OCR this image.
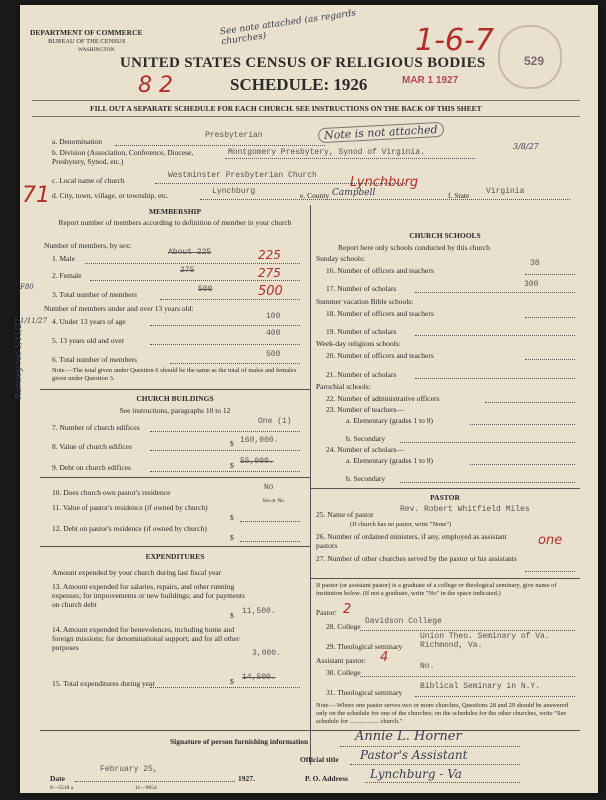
DEPARTMENT OF COMMERCE
BUREAU OF THE CENSUS
WASHINGTON
See note attached (as regards churches)	1-6-7
529
UNITED STATES CENSUS OF RELIGIOUS BODIES
8 2	SCHEDULE: 1926	MAR 1 1927
FILL OUT A SEPARATE SCHEDULE FOR EACH CHURCH. SEE INSTRUCTIONS ON THE BACK OF THIS SHEET
a. Denomination
Presbyterian	Note is not attached
3/8/27
b. Division (Association, Conference, Diocese, Presbytery, Synod, etc.)
Montgomery Presbytery, Synod of Virginia.
c. Local name of church
Westminster Presbyterian Church	Lynchburg
71 d. City, town, village, or township, etc.	Lynchburg	e. County Campbell	f. State Virginia
MEMBERSHIP
Report number of members according to definition of member in your church
Number of members, by sex:
1. Male
About 225	225
2. Female
275	275
3. Total number of members
500	500
F80
Number of members under and over 13 years old:
4. Under 13 years of age
100
1/11/27
5. 13 years old and over
400
6. Total number of members
500
Ramsey rec 1/11/27	Note.—The total given under Question 6 should be the same as the total of males and females given under Question 3.
CHURCH BUILDINGS
See instructions, paragraphs 10 to 12
7. Number of church edifices
One (1)
8. Value of church edifices	$ 160,000.
9. Debt on church edifices	$ 55,000.
10. Does church own pastor's residence
No
Yes or No
11. Value of pastor's residence (if owned by church)
$
12. Debt on pastor's residence (if owned by church)
$
EXPENDITURES
Amount expended by your church during last fiscal year
13. Amount expended for salaries, repairs, and other running expenses; for improvements or new buildings; and for payments on church debt
$ 11,500.
14. Amount expended for benevolences, including home and foreign missions; for denominational support; and for all other purposes
3,000.
15. Total expenditures during year	$ 14,500.
CHURCH SCHOOLS
Report here only schools conducted by this church
Sunday schools:
16. Number of officers and teachers
38
17. Number of scholars	300
Summer vacation Bible schools:
18. Number of officers and teachers
19. Number of scholars
Week-day religious schools:
20. Number of officers and teachers
21. Number of scholars
Parochial schools:
22. Number of administrative officers
23. Number of teachers—
a. Elementary (grades 1 to 8)
b. Secondary
24. Number of scholars—
a. Elementary (grades 1 to 8)
b. Secondary
PASTOR
25. Name of pastor
Rev. Robert Whitfield Miles
(If church has no pastor, write "None")
26. Number of ordained ministers, if any, employed as assistant pastors	one
27. Number of other churches served by the pastor or his assistants
If pastor (or assistant pastor) is a graduate of a college or theological seminary, give name of institution below. (If not a graduate, write "No" in the space indicated.)
Pastor: 2
28. College
Davidson College
29. Theological seminary
Union Theo. Seminary of Va. Richmond, Va.
Assistant pastor: 4
30. College
No.
31. Theological seminary
Biblical Seminary in N.Y.
Note.—Where one pastor serves two or more churches, Questions 28 and 29 should be answered only on the schedule for one of the churches; on the schedules for the other churches, write "See schedule for .................. church."
Signature of person furnishing information	Annie L. Horner
Official title Pastor's Assistant
Date
February 25,
1927.	P. O. Address Lynchburg - Va
8—5518 a	11—9054
